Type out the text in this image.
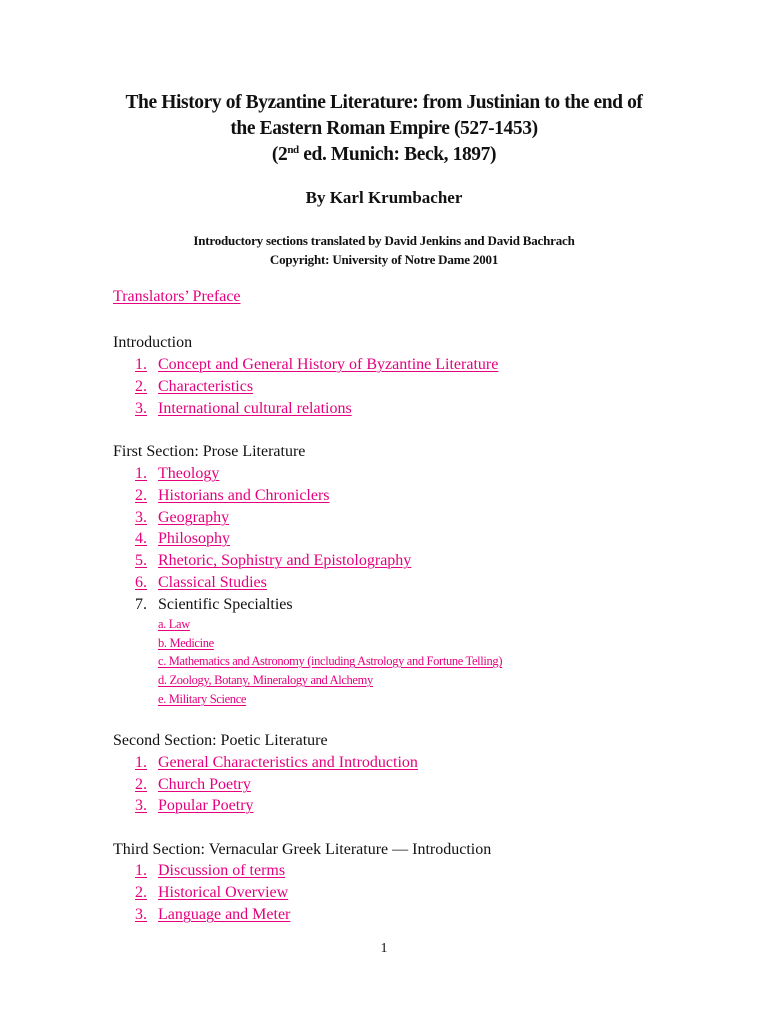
The History of Byzantine Literature: from Justinian to the end of
the Eastern Roman Empire (527-1453)
(2nd ed. Munich: Beck, 1897)
By Karl Krumbacher
Introductory sections translated by David Jenkins and David Bachrach
Copyright: University of Notre Dame 2001
Translators’ Preface
Introduction
1. Concept and General History of Byzantine Literature
2. Characteristics
3. International cultural relations
First Section: Prose Literature
1. Theology
2. Historians and Chroniclers
3. Geography
4. Philosophy
5. Rhetoric, Sophistry and Epistolography
6. Classical Studies
7. Scientific Specialties
a. Law
b. Medicine
c. Mathematics and Astronomy (including Astrology and Fortune Telling)
d. Zoology, Botany, Mineralogy and Alchemy
e. Military Science
Second Section: Poetic Literature
1. General Characteristics and Introduction
2. Church Poetry
3. Popular Poetry
Third Section: Vernacular Greek Literature — Introduction
1. Discussion of terms
2. Historical Overview
3. Language and Meter
1
